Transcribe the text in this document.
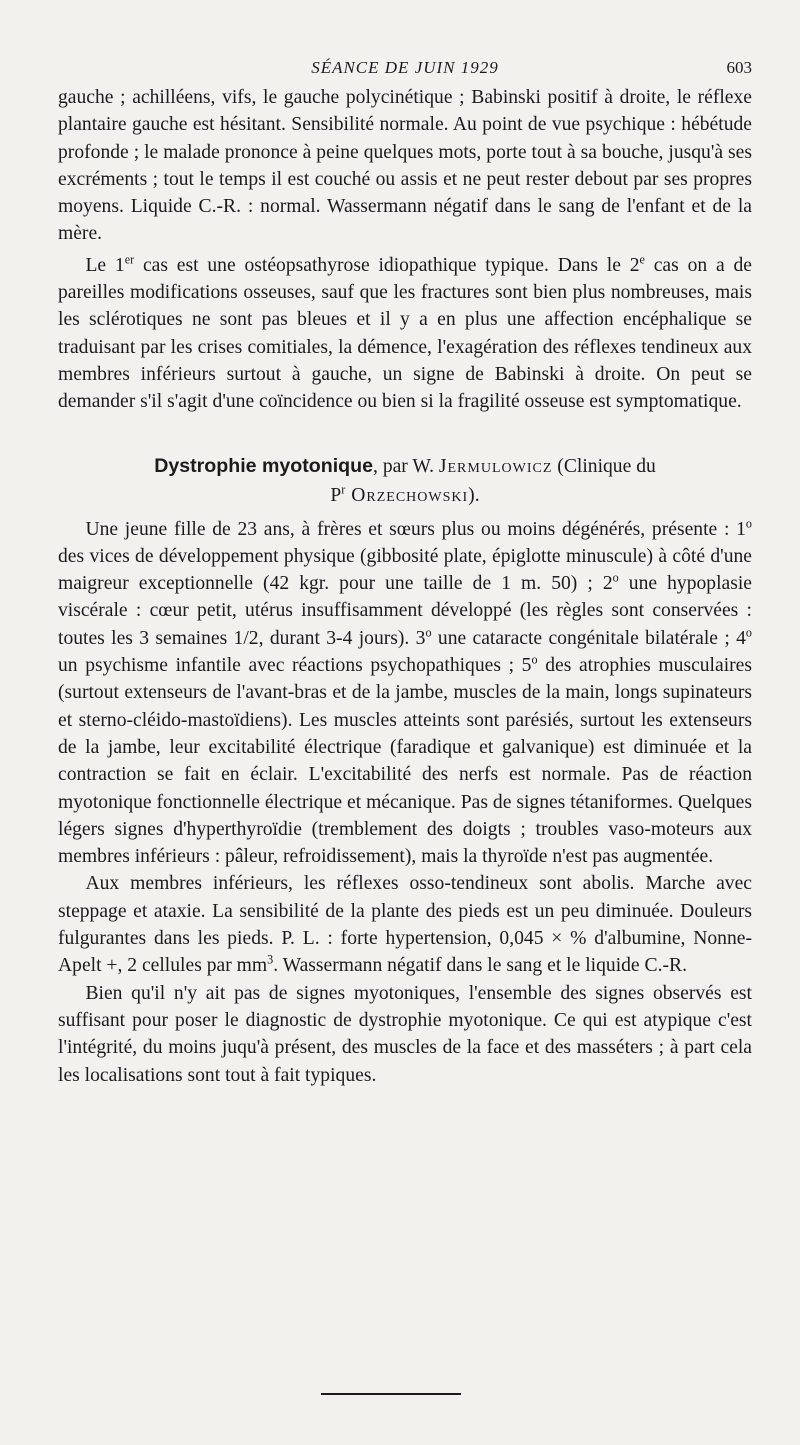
SÉANCE DE JUIN 1929	603

gauche ; achilléens, vifs, le gauche polycinétique ; Babinski positif à droite, le réflexe plantaire gauche est hésitant. Sensibilité normale. Au point de vue psychique : hébétude profonde ; le malade prononce à peine quelques mots, porte tout à sa bouche, jusqu'à ses excréments ; tout le temps il est couché ou assis et ne peut rester debout par ses propres moyens. Liquide C.-R. : normal. Wassermann négatif dans le sang de l'enfant et de la mère.

Le 1er cas est une ostéopsathyrose idiopathique typique. Dans le 2e cas on a de pareilles modifications osseuses, sauf que les fractures sont bien plus nombreuses, mais les sclérotiques ne sont pas bleues et il y a en plus une affection encéphalique se traduisant par les crises comitiales, la démence, l'exagération des réflexes tendineux aux membres inférieurs surtout à gauche, un signe de Babinski à droite. On peut se demander s'il s'agit d'une coïncidence ou bien si la fragilité osseuse est symptomatique.

Dystrophie myotonique, par W. Jermulowicz (Clinique du
$P^r$ Orzechowski).

Une jeune fille de 23 ans, à frères et sœurs plus ou moins dégénérés, présente : 1$^o$ des vices de développement physique (gibbosité plate, épiglotte minuscule) à côté d'une maigreur exceptionnelle (42 kgr. pour une taille de 1 m. 50) ; 2$^o$ une hypoplasie viscérale : cœur petit, utérus insuffisamment développé (les règles sont conservées : toutes les 3 semaines 1/2, durant 3-4 jours). 3$^o$ une cataracte congénitale bilatérale ; 4$^o$ un psychisme infantile avec réactions psychopathiques ; 5$^o$ des atrophies musculaires (surtout extenseurs de l'avant-bras et de la jambe, muscles de la main, longs supinateurs et sterno-cléido-mastoïdiens). Les muscles atteints sont parésiés, surtout les extenseurs de la jambe, leur excitabilité électrique (faradique et galvanique) est diminuée et la contraction se fait en éclair. L'excitabilité des nerfs est normale. Pas de réaction myotonique fonctionnelle électrique et mécanique. Pas de signes tétaniformes. Quelques légers signes d'hyperthyroïdie (tremblement des doigts ; troubles vaso-moteurs aux membres inférieurs : pâleur, refroidissement), mais la thyroïde n'est pas augmentée.

Aux membres inférieurs, les réflexes osso-tendineux sont abolis. Marche avec steppage et ataxie. La sensibilité de la plante des pieds est un peu diminuée. Douleurs fulgurantes dans les pieds. P. L. : forte hypertension, 0,045 × % d'albumine, Nonne-Apelt +, 2 cellules par $mm^3$. Wassermann négatif dans le sang et le liquide C.-R.

Bien qu'il n'y ait pas de signes myotoniques, l'ensemble des signes observés est suffisant pour poser le diagnostic de dystrophie myotonique. Ce qui est atypique c'est l'intégrité, du moins juqu'à présent, des muscles de la face et des masséters ; à part cela les localisations sont tout à fait typiques.
